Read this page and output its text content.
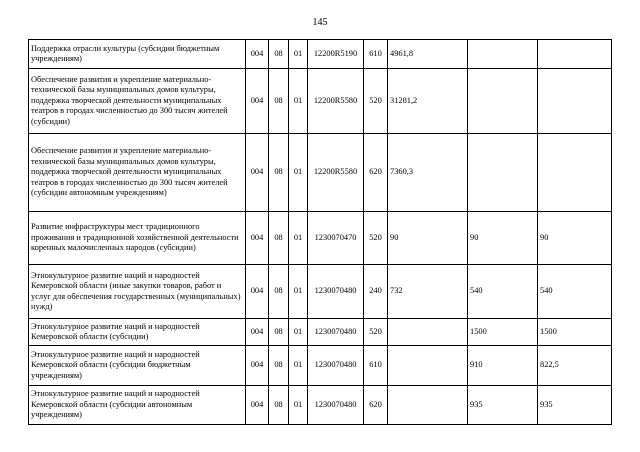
145
Поддержка отрасли культуры (субсидии бюджетным учреждениям)	004	08	01	12200R5190	610	4961,8		
Обеспечение развития и укрепление материально-технической базы муниципальных домов культуры, поддержка творческой деятельности муниципальных театров в городах численностью до 300 тысяч жителей (субсидии)	004	08	01	12200R5580	520	31281,2		
Обеспечение развития и укрепление материально-технической базы муниципальных домов культуры, поддержка творческой деятельности муниципальных театров в городах численностью до 300 тысяч жителей (субсидии автономным учреждениям)	004	08	01	12200R5580	620	7360,3		
Развитие инфраструктуры мест традиционного проживания и традиционной хозяйственной деятельности коренных малочисленных народов (субсидии)	004	08	01	1230070470	520	90	90	90
Этнокультурное развитие наций и народностей Кемеровской области (иные закупки товаров, работ и услуг для обеспечения государственных (муниципальных) нужд)	004	08	01	1230070480	240	732	540	540
Этнокультурное развитие наций и народностей Кемеровской области (субсидии)	004	08	01	1230070480	520		1500	1500
Этнокультурное развитие наций и народностей Кемеровской области (субсидии бюджетным учреждениям)	004	08	01	1230070480	610		910	822,5
Этнокультурное развитие наций и народностей Кемеровской области (субсидии автономным учреждениям)	004	08	01	1230070480	620		935	935
